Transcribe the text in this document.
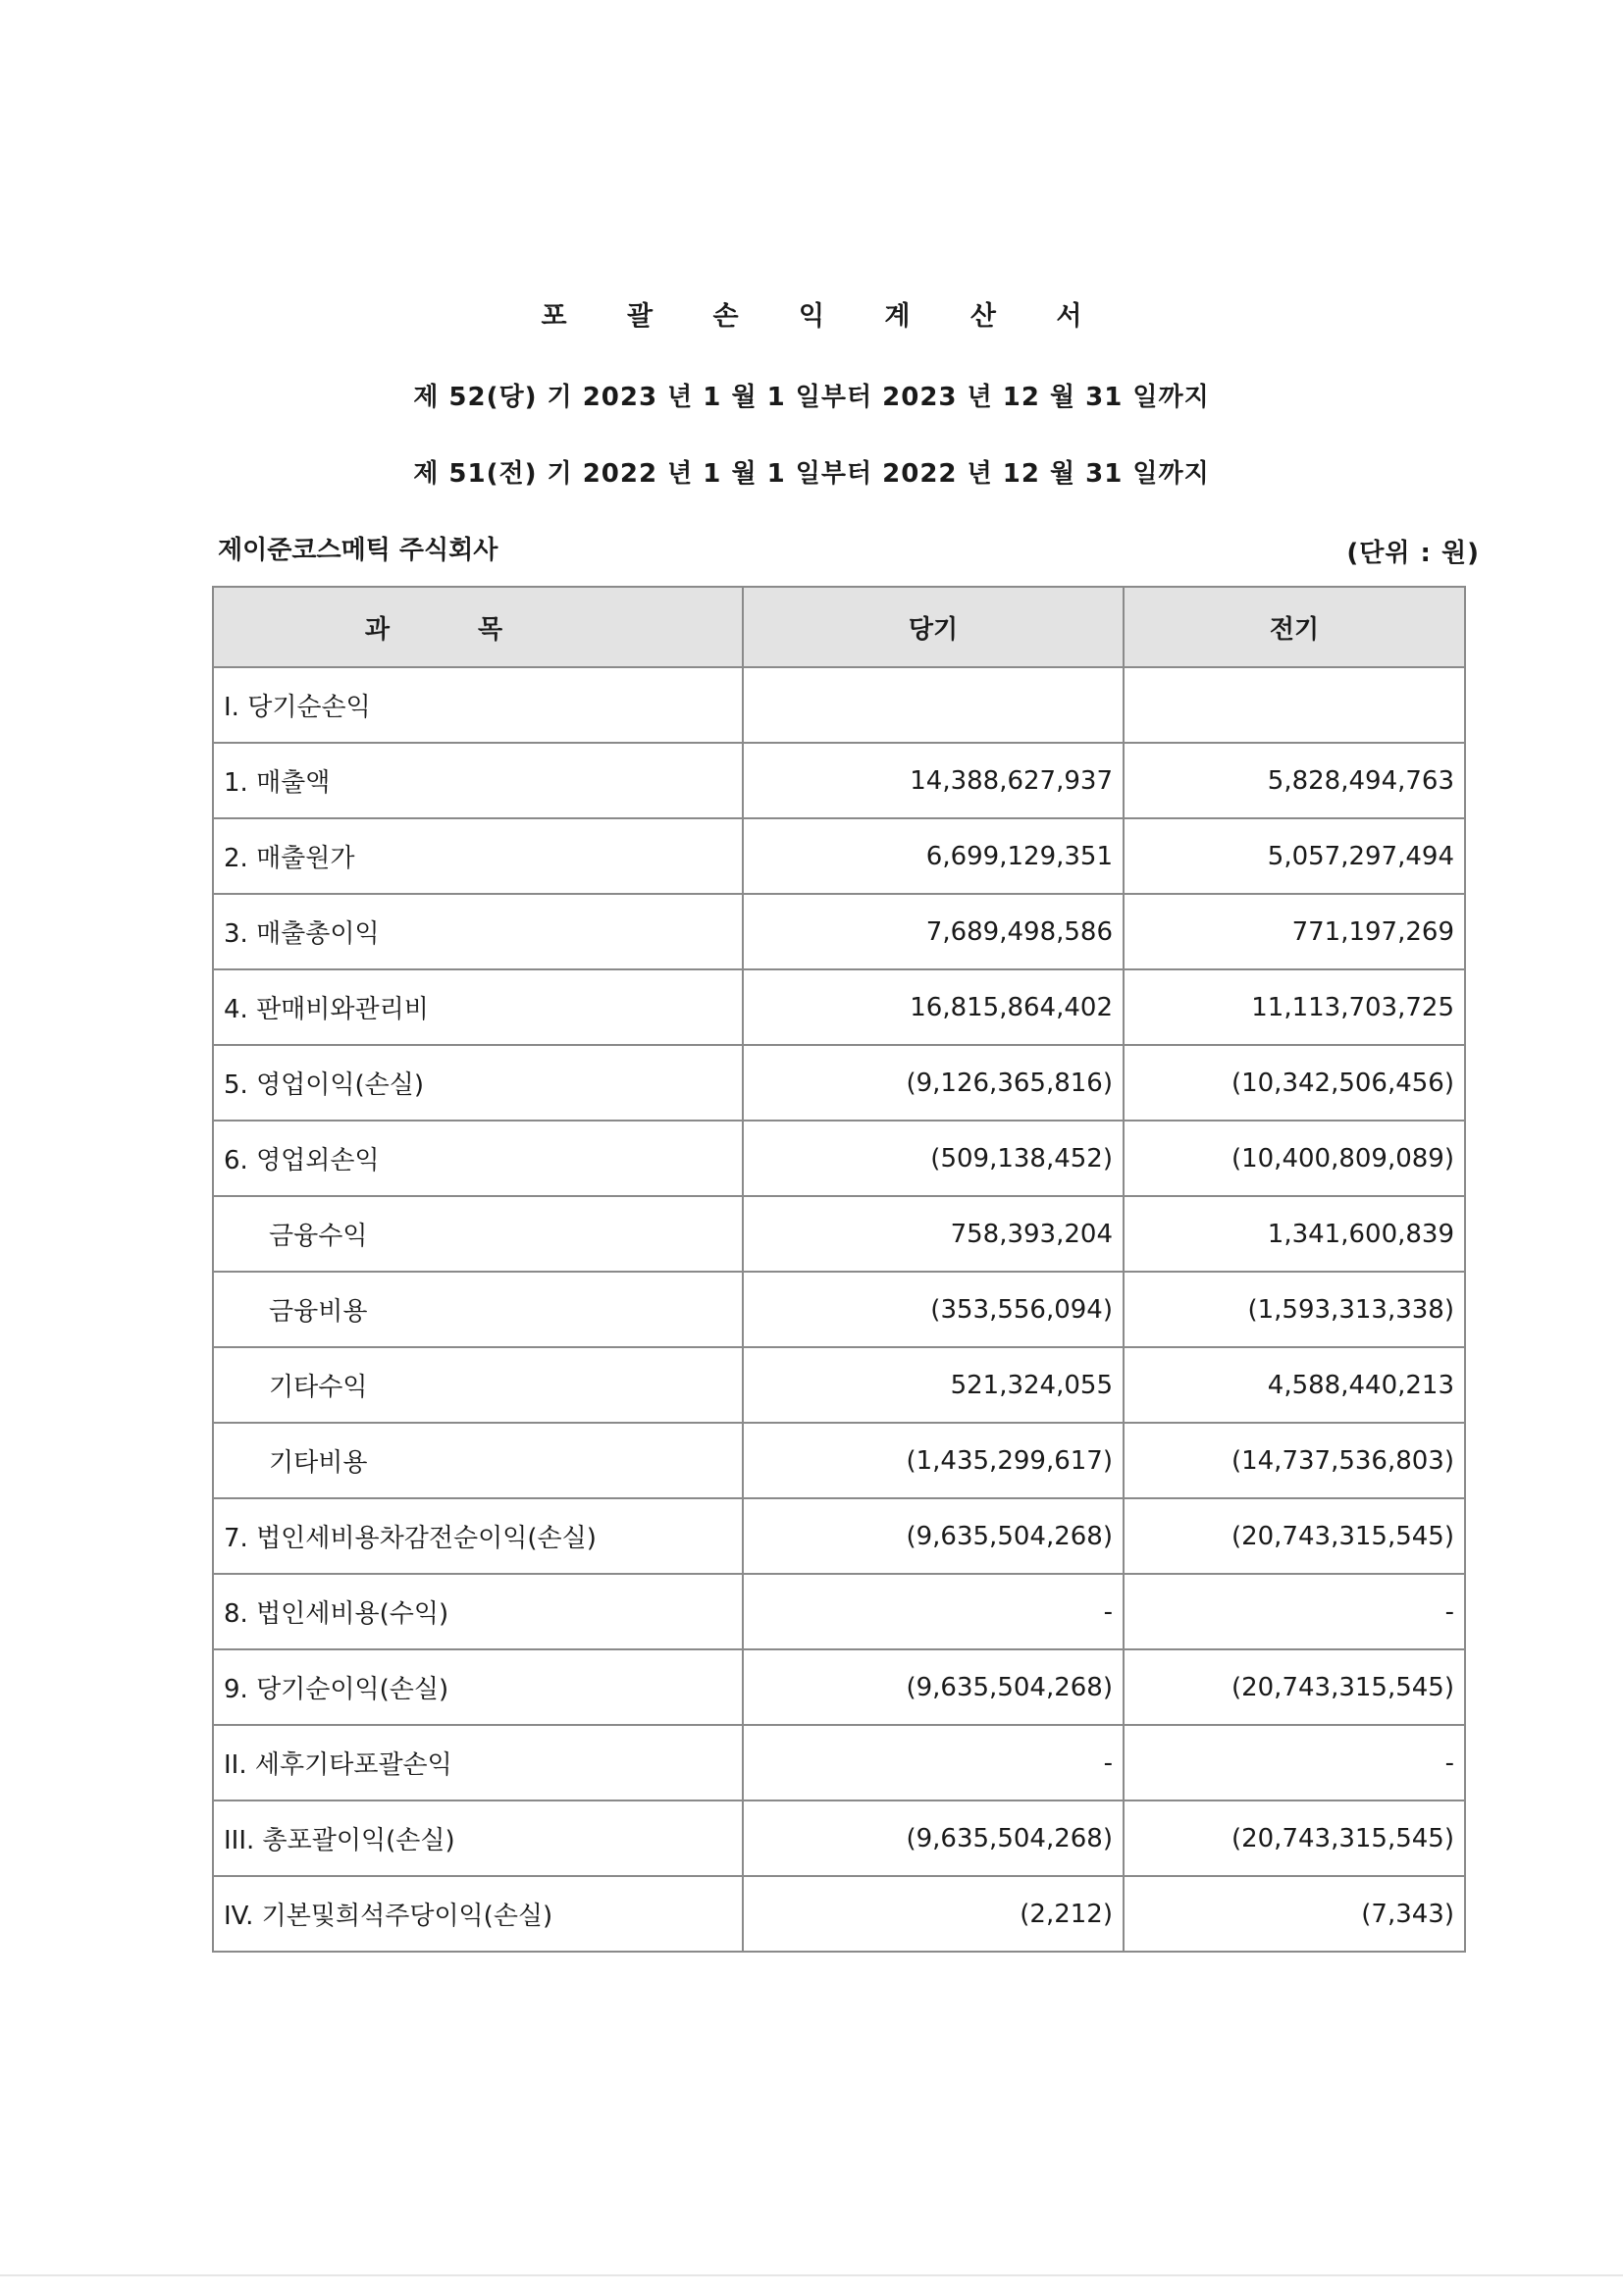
포 괄 손 익 계 산 서
제 52(당) 기 2023 년 1 월 1 일부터 2023 년 12 월 31 일까지
제 51(전) 기 2022 년 1 월 1 일부터 2022 년 12 월 31 일까지
제이준코스메틱 주식회사	(단위 : 원)
과목	당기	전기
I. 당기순손익		
1. 매출액	14,388,627,937	5,828,494,763
2. 매출원가	6,699,129,351	5,057,297,494
3. 매출총이익	7,689,498,586	771,197,269
4. 판매비와관리비	16,815,864,402	11,113,703,725
5. 영업이익(손실)	(9,126,365,816)	(10,342,506,456)
6. 영업외손익	(509,138,452)	(10,400,809,089)
금융수익	758,393,204	1,341,600,839
금융비용	(353,556,094)	(1,593,313,338)
기타수익	521,324,055	4,588,440,213
기타비용	(1,435,299,617)	(14,737,536,803)
7. 법인세비용차감전순이익(손실)	(9,635,504,268)	(20,743,315,545)
8. 법인세비용(수익)	-	-
9. 당기순이익(손실)	(9,635,504,268)	(20,743,315,545)
II. 세후기타포괄손익	-	-
III. 총포괄이익(손실)	(9,635,504,268)	(20,743,315,545)
IV. 기본및희석주당이익(손실)	(2,212)	(7,343)
